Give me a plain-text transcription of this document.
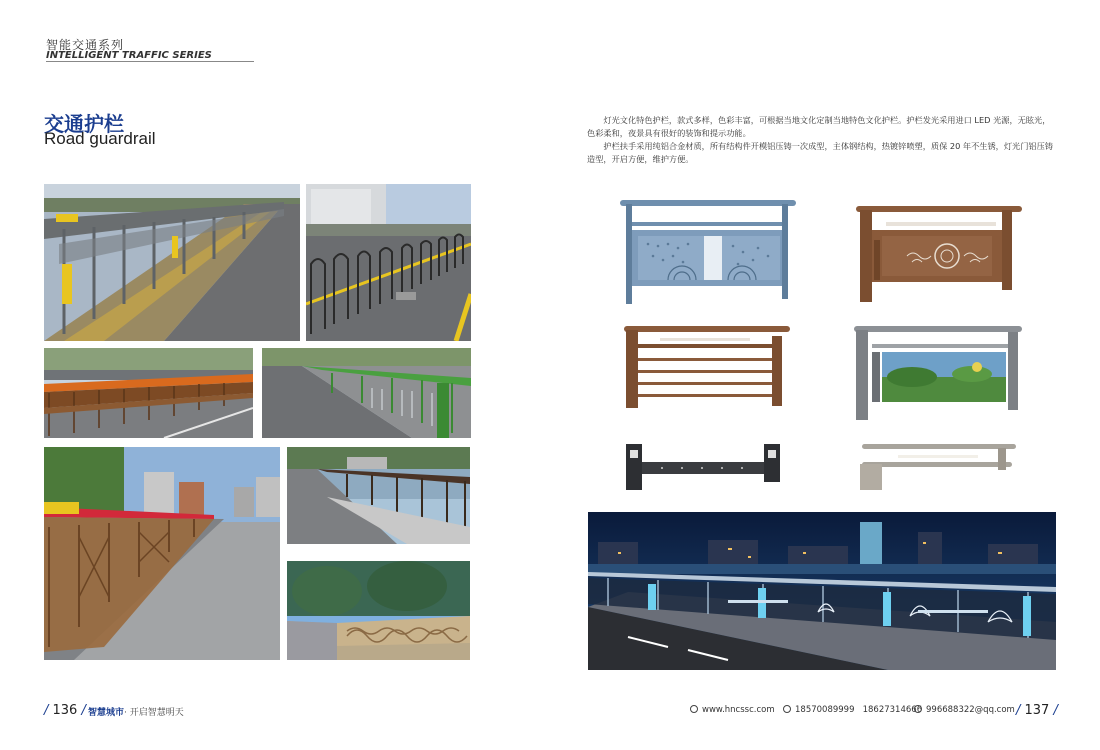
智能交通系列
INTELLIGENT TRAFFIC SERIES
交通护栏
Road guardrail

灯光文化特色护栏，款式多样，色彩丰富，可根据当地文化定制当地特色文化护栏。护栏发光采用进口 LED 光源，无眩光，色彩柔和，夜景具有很好的装饰和提示功能。

护栏扶手采用纯铝合金材质，所有结构件开模铝压铸一次成型，主体钢结构，热镀锌喷塑，质保 20 年不生锈，灯光门铝压铸造型，开启方便，维护方便。

/ 136 / 智慧城市· 开启智慧明天	www.hncssc.com	18570089999 18627314666 996688322@qq.com / 137 /
